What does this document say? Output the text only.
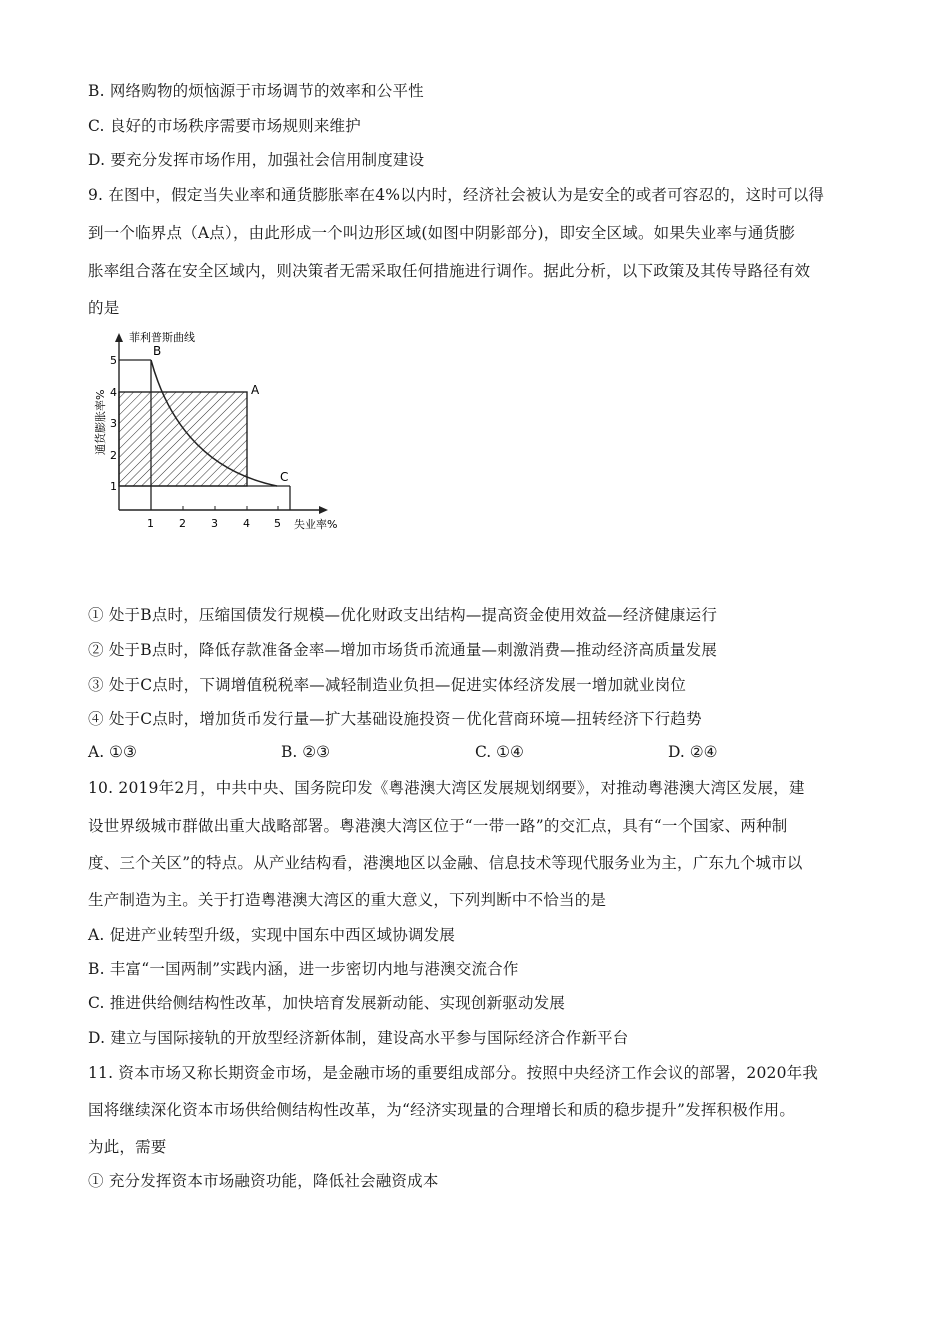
B. 网络购物的烦恼源于市场调节的效率和公平性
C. 良好的市场秩序需要市场规则来维护
D. 要充分发挥市场作用，加强社会信用制度建设
9. 在图中，假定当失业率和通货膨胀率在4%以内时，经济社会被认为是安全的或者可容忍的，这时可以得
到一个临界点（A点），由此形成一个叫边形区域(如图中阴影部分)，即安全区域。如果失业率与通货膨
胀率组合落在安全区域内，则决策者无需采取任何措施进行调作。据此分析，以下政策及其传导路径有效
的是
菲利普斯曲线
通货膨胀率%
失业率%
5
4
3
2
1
1 2 3 4 5
A
B
C
① 处于B点时，压缩国债发行规模—优化财政支出结构—提高资金使用效益—经济健康运行
② 处于B点时，降低存款准备金率—增加市场货币流通量—刺激消费—推动经济高质量发展
③ 处于C点时，下调增值税税率—减轻制造业负担—促进实体经济发展一增加就业岗位
④ 处于C点时，增加货币发行量—扩大基础设施投资－优化营商环境—扭转经济下行趋势
A. ①③	B. ②③	C. ①④	D. ②④
10. 2019年2月，中共中央、国务院印发《粤港澳大湾区发展规划纲要》，对推动粤港澳大湾区发展，建
设世界级城市群做出重大战略部署。粤港澳大湾区位于“一带一路”的交汇点，具有“一个国家、两种制
度、三个关区”的特点。从产业结构看，港澳地区以金融、信息技术等现代服务业为主，广东九个城市以
生产制造为主。关于打造粤港澳大湾区的重大意义，下列判断中不恰当的是
A. 促进产业转型升级，实现中国东中西区域协调发展
B. 丰富“一国两制”实践内涵，进一步密切内地与港澳交流合作
C. 推进供给侧结构性改革，加快培育发展新动能、实现创新驱动发展
D. 建立与国际接轨的开放型经济新体制，建设高水平参与国际经济合作新平台
11. 资本市场又称长期资金市场，是金融市场的重要组成部分。按照中央经济工作会议的部署，2020年我
国将继续深化资本市场供给侧结构性改革，为“经济实现量的合理增长和质的稳步提升”发挥积极作用。
为此，需要
① 充分发挥资本市场融资功能，降低社会融资成本
